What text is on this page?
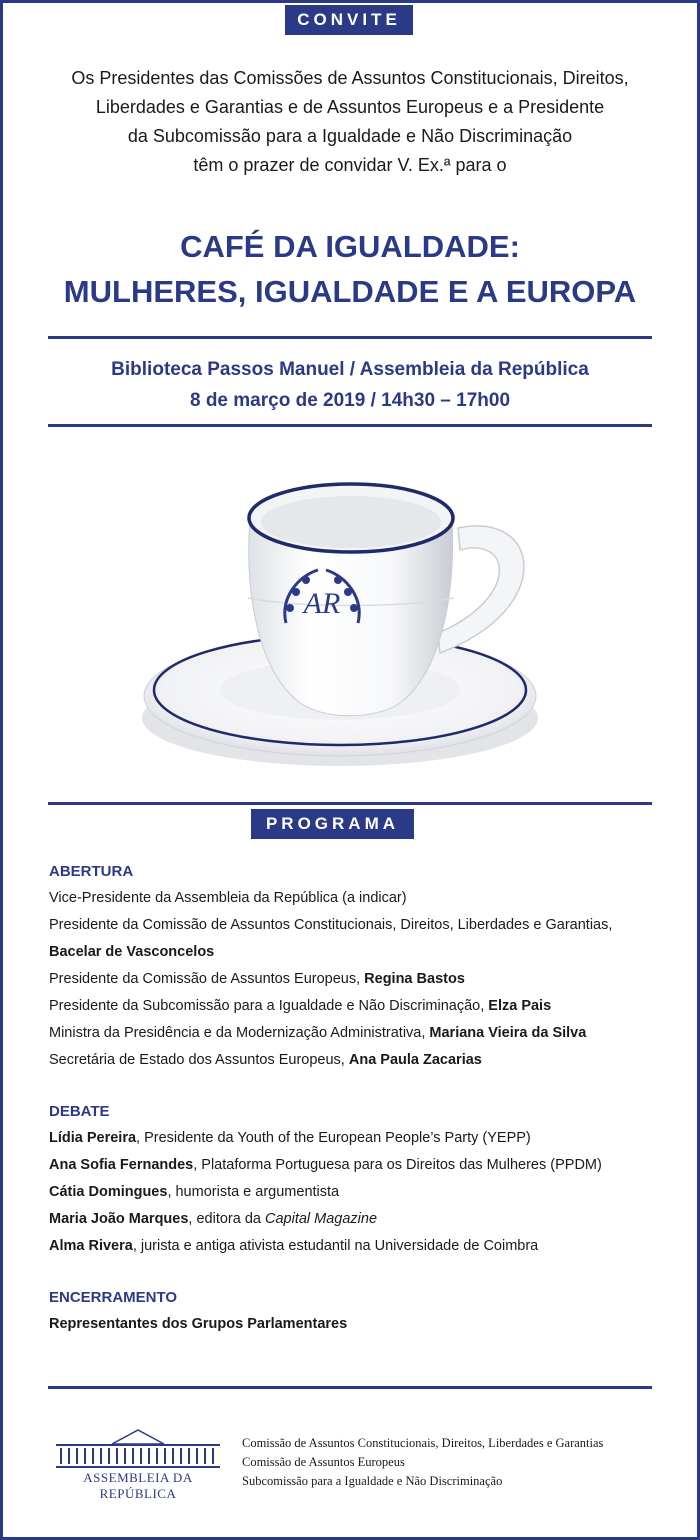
CONVITE
Os Presidentes das Comissões de Assuntos Constitucionais, Direitos,
Liberdades e Garantias e de Assuntos Europeus e a Presidente
da Subcomissão para a Igualdade e Não Discriminação
têm o prazer de convidar V. Ex.ª para o
CAFÉ DA IGUALDADE:
MULHERES, IGUALDADE E A EUROPA
Biblioteca Passos Manuel / Assembleia da República
8 de março de 2019 / 14h30 – 17h00
AR
PROGRAMA
ABERTURA
Vice-Presidente da Assembleia da República (a indicar)
Presidente da Comissão de Assuntos Constitucionais, Direitos, Liberdades e Garantias,
Bacelar de Vasconcelos
Presidente da Comissão de Assuntos Europeus, Regina Bastos
Presidente da Subcomissão para a Igualdade e Não Discriminação, Elza Pais
Ministra da Presidência e da Modernização Administrativa, Mariana Vieira da Silva
Secretária de Estado dos Assuntos Europeus, Ana Paula Zacarias
DEBATE
Lídia Pereira, Presidente da Youth of the European People’s Party (YEPP)
Ana Sofia Fernandes, Plataforma Portuguesa para os Direitos das Mulheres (PPDM)
Cátia Domingues, humorista e argumentista
Maria João Marques, editora da Capital Magazine
Alma Rivera, jurista e antiga ativista estudantil na Universidade de Coimbra
ENCERRAMENTO
Representantes dos Grupos Parlamentares
ASSEMBLEIA DA REPÚBLICA
Comissão de Assuntos Constitucionais, Direitos, Liberdades e Garantias
Comissão de Assuntos Europeus
Subcomissão para a Igualdade e Não Discriminação
